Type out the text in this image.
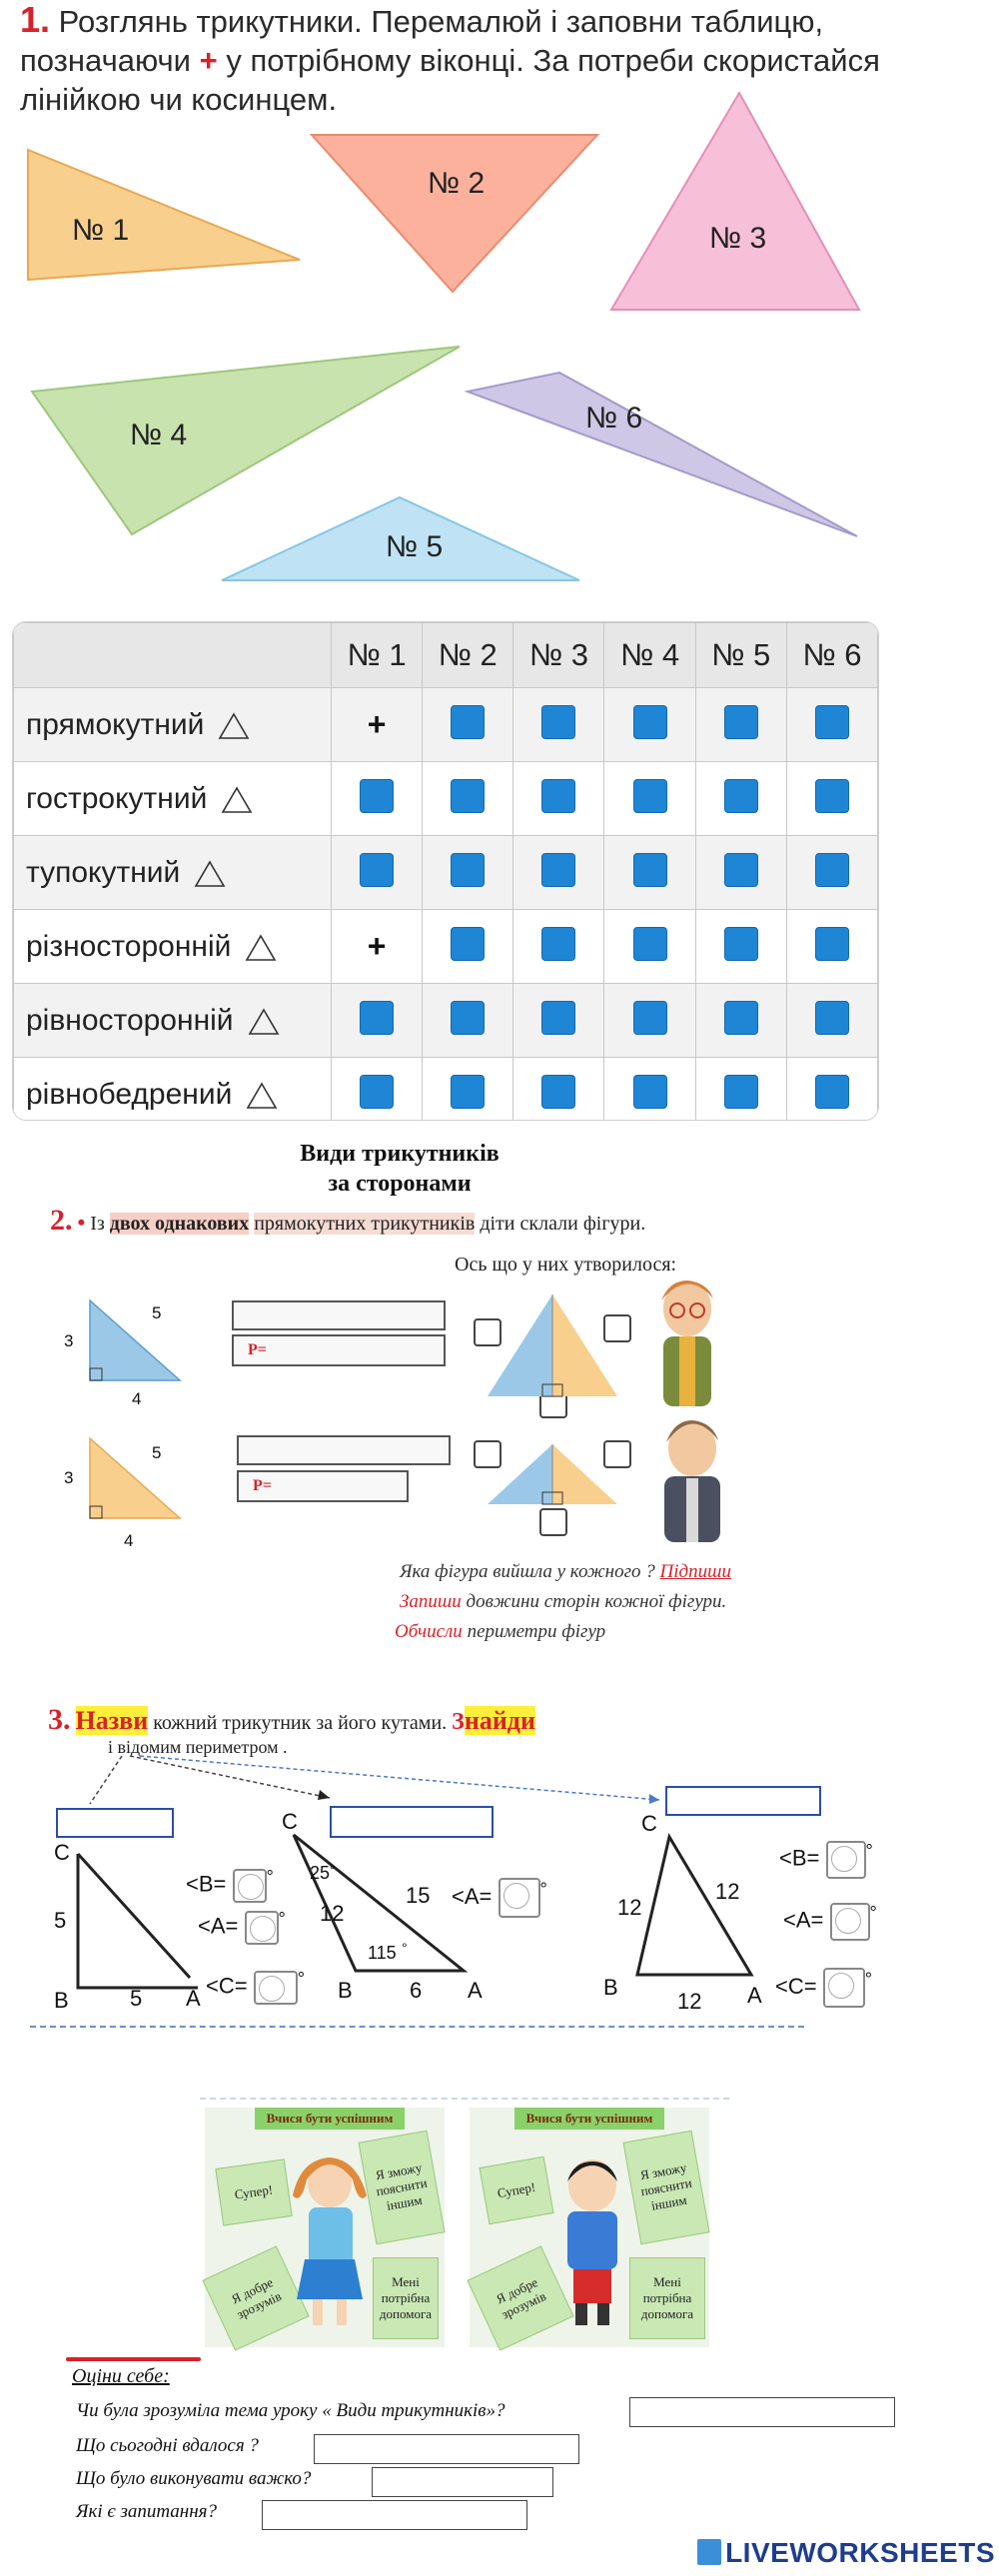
1. Розглянь трикутники. Перемалюй і заповни таблицю, позначаючи + у потрібному віконці. За потреби скористайся лінійкою чи косинцем.
№ 1
№ 2
№ 3
№ 4
№ 5
№ 6
	№ 1	№ 2	№ 3	№ 4	№ 5	№ 6
прямокутний	+					
гострокутний						
тупокутний						
різносторонній	+					
рівносторонній						
рівнобедрений						
Види трикутників
за сторонами
2. • Із двох однакових прямокутних трикутників діти склали фігури.
Ось що у них утворилося:
3
5
4
P=
3
5
4
P=
Яка фігура вийшла у кожного ? Підпиши
Запиши довжини сторін кожної фігури.
Обчисли периметри фігур
3. Назви кожний трикутник за його кутами. Знайди
і відомим периметром .
C
B	A
5
5
<B= °
<A= °
<C=	°
C
B	A
25 °
115 °
12
15
6
<A=	°
C
B	A
12
12
12
<B=	°
<A=	°
<C=	°
Вчися бути успішним
Супер!
Я зможу пояснити іншим
Я добре зрозумів
Мені потрібна допомога
Вчися бути успішним
Супер!
Я зможу пояснити іншим
Я добре зрозумів
Мені потрібна допомога
Оціни себе:
Чи була зрозуміла тема уроку « Види трикутників»?
Що сьогодні вдалося ?
Що було виконувати важко?
Які є запитання?
LIVEWORKSHEETS
